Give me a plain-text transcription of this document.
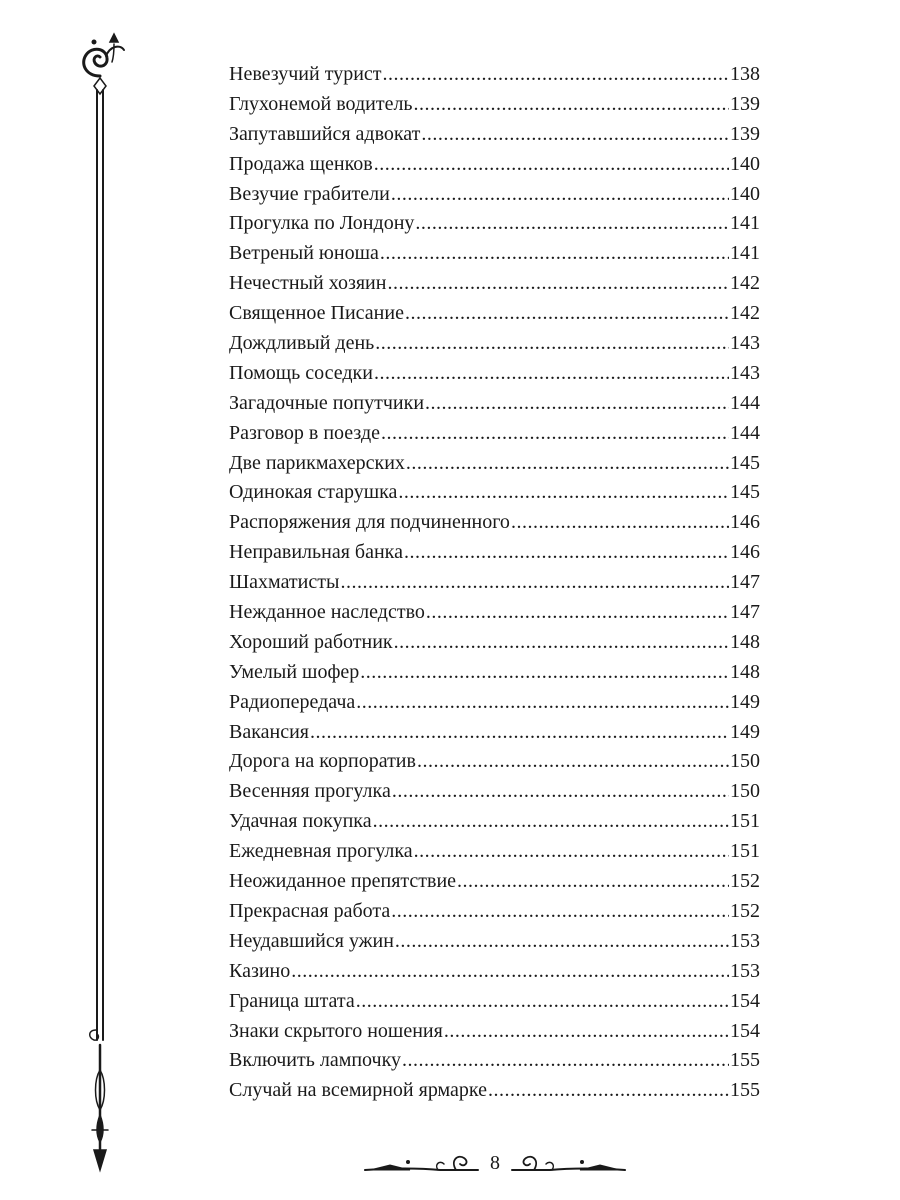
Невезучий турист .....	138
Глухонемой водитель .....	139
Запутавшийся адвокат .....	139
Продажа щенков .....	140
Везучие грабители .....	140
Прогулка по Лондону .....	141
Ветреный юноша .....	141
Нечестный хозяин .....	142
Священное Писание .....	142
Дождливый день .....	143
Помощь соседки .....	143
Загадочные попутчики .....	144
Разговор в поезде .....	144
Две парикмахерских .....	145
Одинокая старушка .....	145
Распоряжения для подчиненного .....	146
Неправильная банка .....	146
Шахматисты .....	147
Нежданное наследство .....	147
Хороший работник .....	148
Умелый шофер .....	148
Радиопередача .....	149
Вакансия .....	149
Дорога на корпоратив .....	150
Весенняя прогулка .....	150
Удачная покупка .....	151
Ежедневная прогулка .....	151
Неожиданное препятствие .....	152
Прекрасная работа .....	152
Неудавшийся ужин .....	153
Казино .....	153
Граница штата .....	154
Знаки скрытого ношения .....	154
Включить лампочку .....	155
Случай на всемирной ярмарке .....	155
8
